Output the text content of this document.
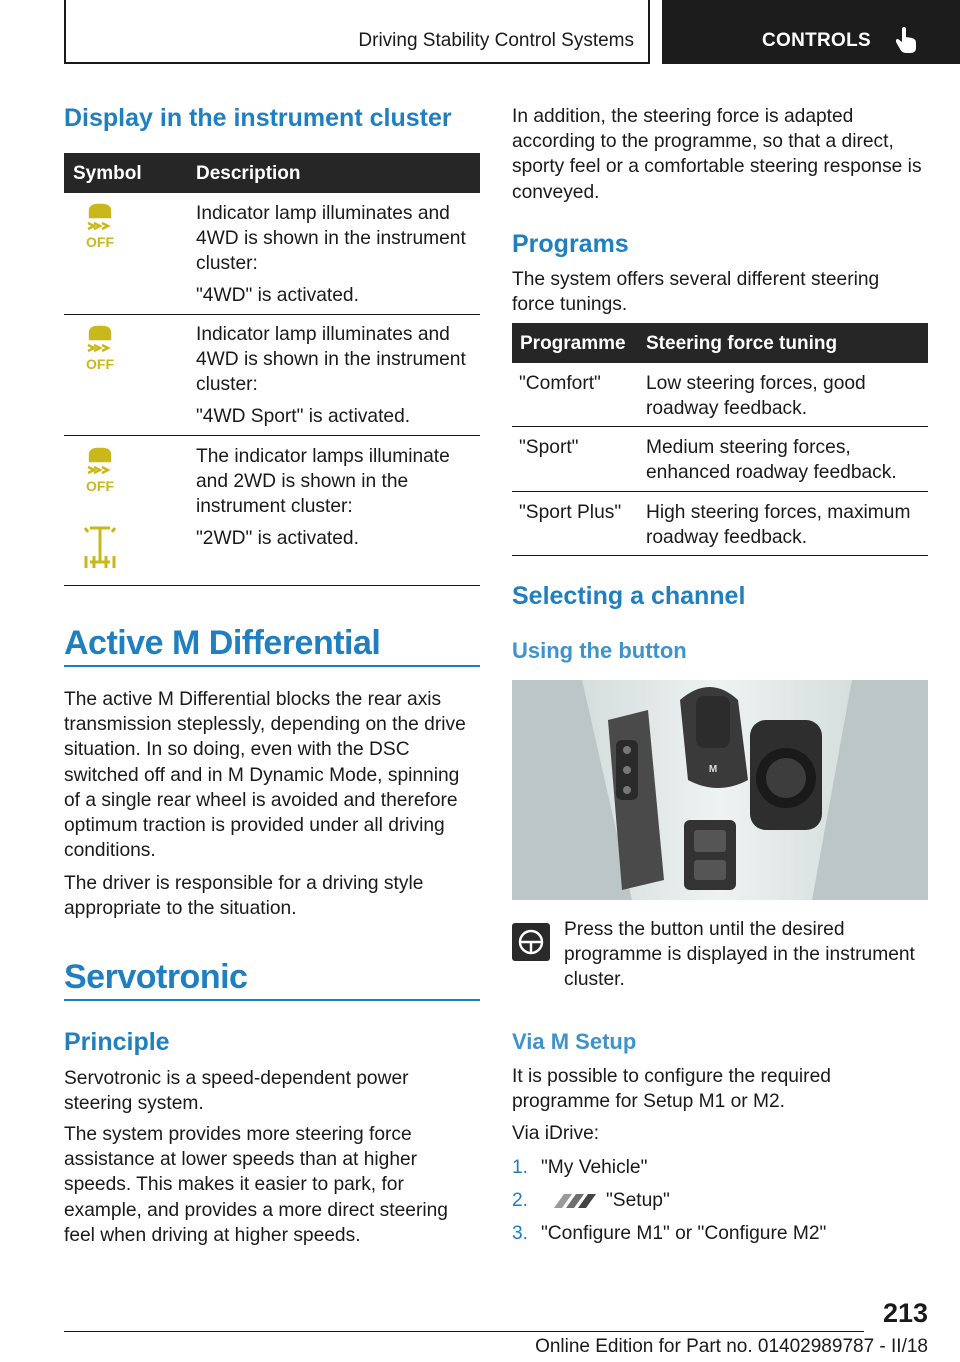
Driving Stability Control Systems	CONTROLS
Display in the instrument cluster
Symbol	Description
OFF

Indicator lamp illuminates and 4WD is shown in the instrument cluster:

"4WD" is activated.

OFF

Indicator lamp illuminates and 4WD is shown in the instrument cluster:

"4WD Sport" is activated.

OFF

The indicator lamps illuminate and 2WD is shown in the instrument cluster:

"2WD" is activated.

Active M Differential

The active M Differential blocks the rear axis transmission steplessly, depending on the drive situation. In so doing, even with the DSC switched off and in M Dynamic Mode, spinning of a single rear wheel is avoided and therefore optimum traction is provided under all driving conditions.

The driver is responsible for a driving style appropriate to the situation.

Servotronic
Principle

Servotronic is a speed-dependent power steering system.

The system provides more steering force assistance at lower speeds than at higher speeds. This makes it easier to park, for example, and provides a more direct steering feel when driving at higher speeds.

In addition, the steering force is adapted according to the programme, so that a direct, sporty feel or a comfortable steering response is conveyed.

Programs

The system offers several different steering force tunings.

Programme Steering force tuning

"Comfort" Low steering forces, good roadway feedback.

"Sport"	Medium steering forces, enhanced roadway feedback.

"Sport Plus" High steering forces, maximum roadway feedback.

Selecting a channel
Using the button
M

Press the button until the desired programme is displayed in the instrument cluster.

Via M Setup

It is possible to configure the required programme for Setup M1 or M2.

Via iDrive:

1. "My Vehicle"
2.	"Setup"
3. "Configure M1" or "Configure M2"
213
Online Edition for Part no. 01402989787 - II/18
